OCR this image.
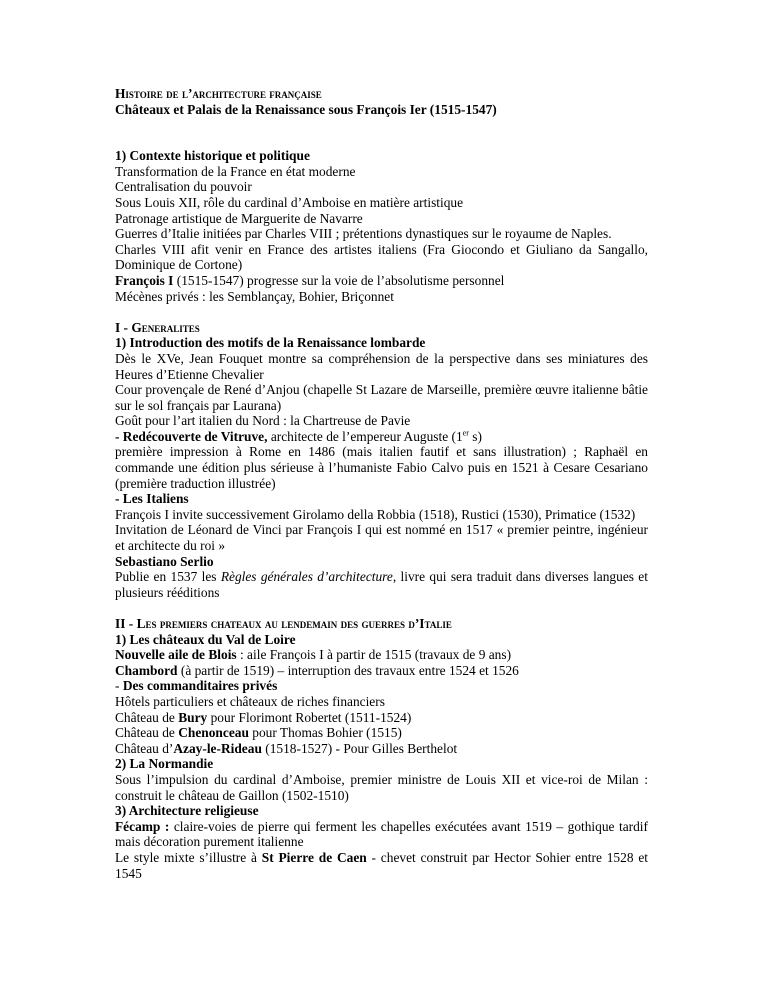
Histoire de l’architecture française

Châteaux et Palais de la Renaissance sous François Ier (1515-1547)

1) Contexte historique et politique

Transformation de la France en état moderne

Centralisation du pouvoir

Sous Louis XII, rôle du cardinal d’Amboise en matière artistique

Patronage artistique de Marguerite de Navarre

Guerres d’Italie initiées par Charles VIII ; prétentions dynastiques sur le royaume de Naples.

Charles VIII afit venir en France des artistes italiens (Fra Giocondo et Giuliano da Sangallo, Dominique de Cortone)

François I (1515-1547) progresse sur la voie de l’absolutisme personnel

Mécènes privés : les Semblançay, Bohier, Briçonnet

I - Generalites

1) Introduction des motifs de la Renaissance lombarde

Dès le XVe, Jean Fouquet montre sa compréhension de la perspective dans ses miniatures des Heures d’Etienne Chevalier

Cour provençale de René d’Anjou (chapelle St Lazare de Marseille, première œuvre italienne bâtie sur le sol français par Laurana)

Goût pour l’art italien du Nord : la Chartreuse de Pavie

- Redécouverte de Vitruve, architecte de l’empereur Auguste (1er s)

première impression à Rome en 1486 (mais italien fautif et sans illustration) ; Raphaël en commande une édition plus sérieuse à l’humaniste Fabio Calvo puis en 1521 à Cesare Cesariano (première traduction illustrée)

- Les Italiens

François I invite successivement Girolamo della Robbia (1518), Rustici (1530), Primatice (1532)

Invitation de Léonard de Vinci par François I qui est nommé en 1517 « premier peintre, ingénieur et architecte du roi »

Sebastiano Serlio

Publie en 1537 les Règles générales d’architecture, livre qui sera traduit dans diverses langues et plusieurs rééditions

II - Les premiers chateaux au lendemain des guerres d’Italie

1) Les châteaux du Val de Loire

Nouvelle aile de Blois : aile François I à partir de 1515 (travaux de 9 ans)

Chambord (à partir de 1519) – interruption des travaux entre 1524 et 1526

- Des commanditaires privés

Hôtels particuliers et châteaux de riches financiers

Château de Bury pour Florimont Robertet (1511-1524)

Château de Chenonceau pour Thomas Bohier (1515)

Château d’Azay-le-Rideau (1518-1527) - Pour Gilles Berthelot

2) La Normandie

Sous l’impulsion du cardinal d’Amboise, premier ministre de Louis XII et vice-roi de Milan : construit le château de Gaillon (1502-1510)

3) Architecture religieuse

Fécamp : claire-voies de pierre qui ferment les chapelles exécutées avant 1519 – gothique tardif mais décoration purement italienne

Le style mixte s’illustre à St Pierre de Caen - chevet construit par Hector Sohier entre 1528 et 1545
